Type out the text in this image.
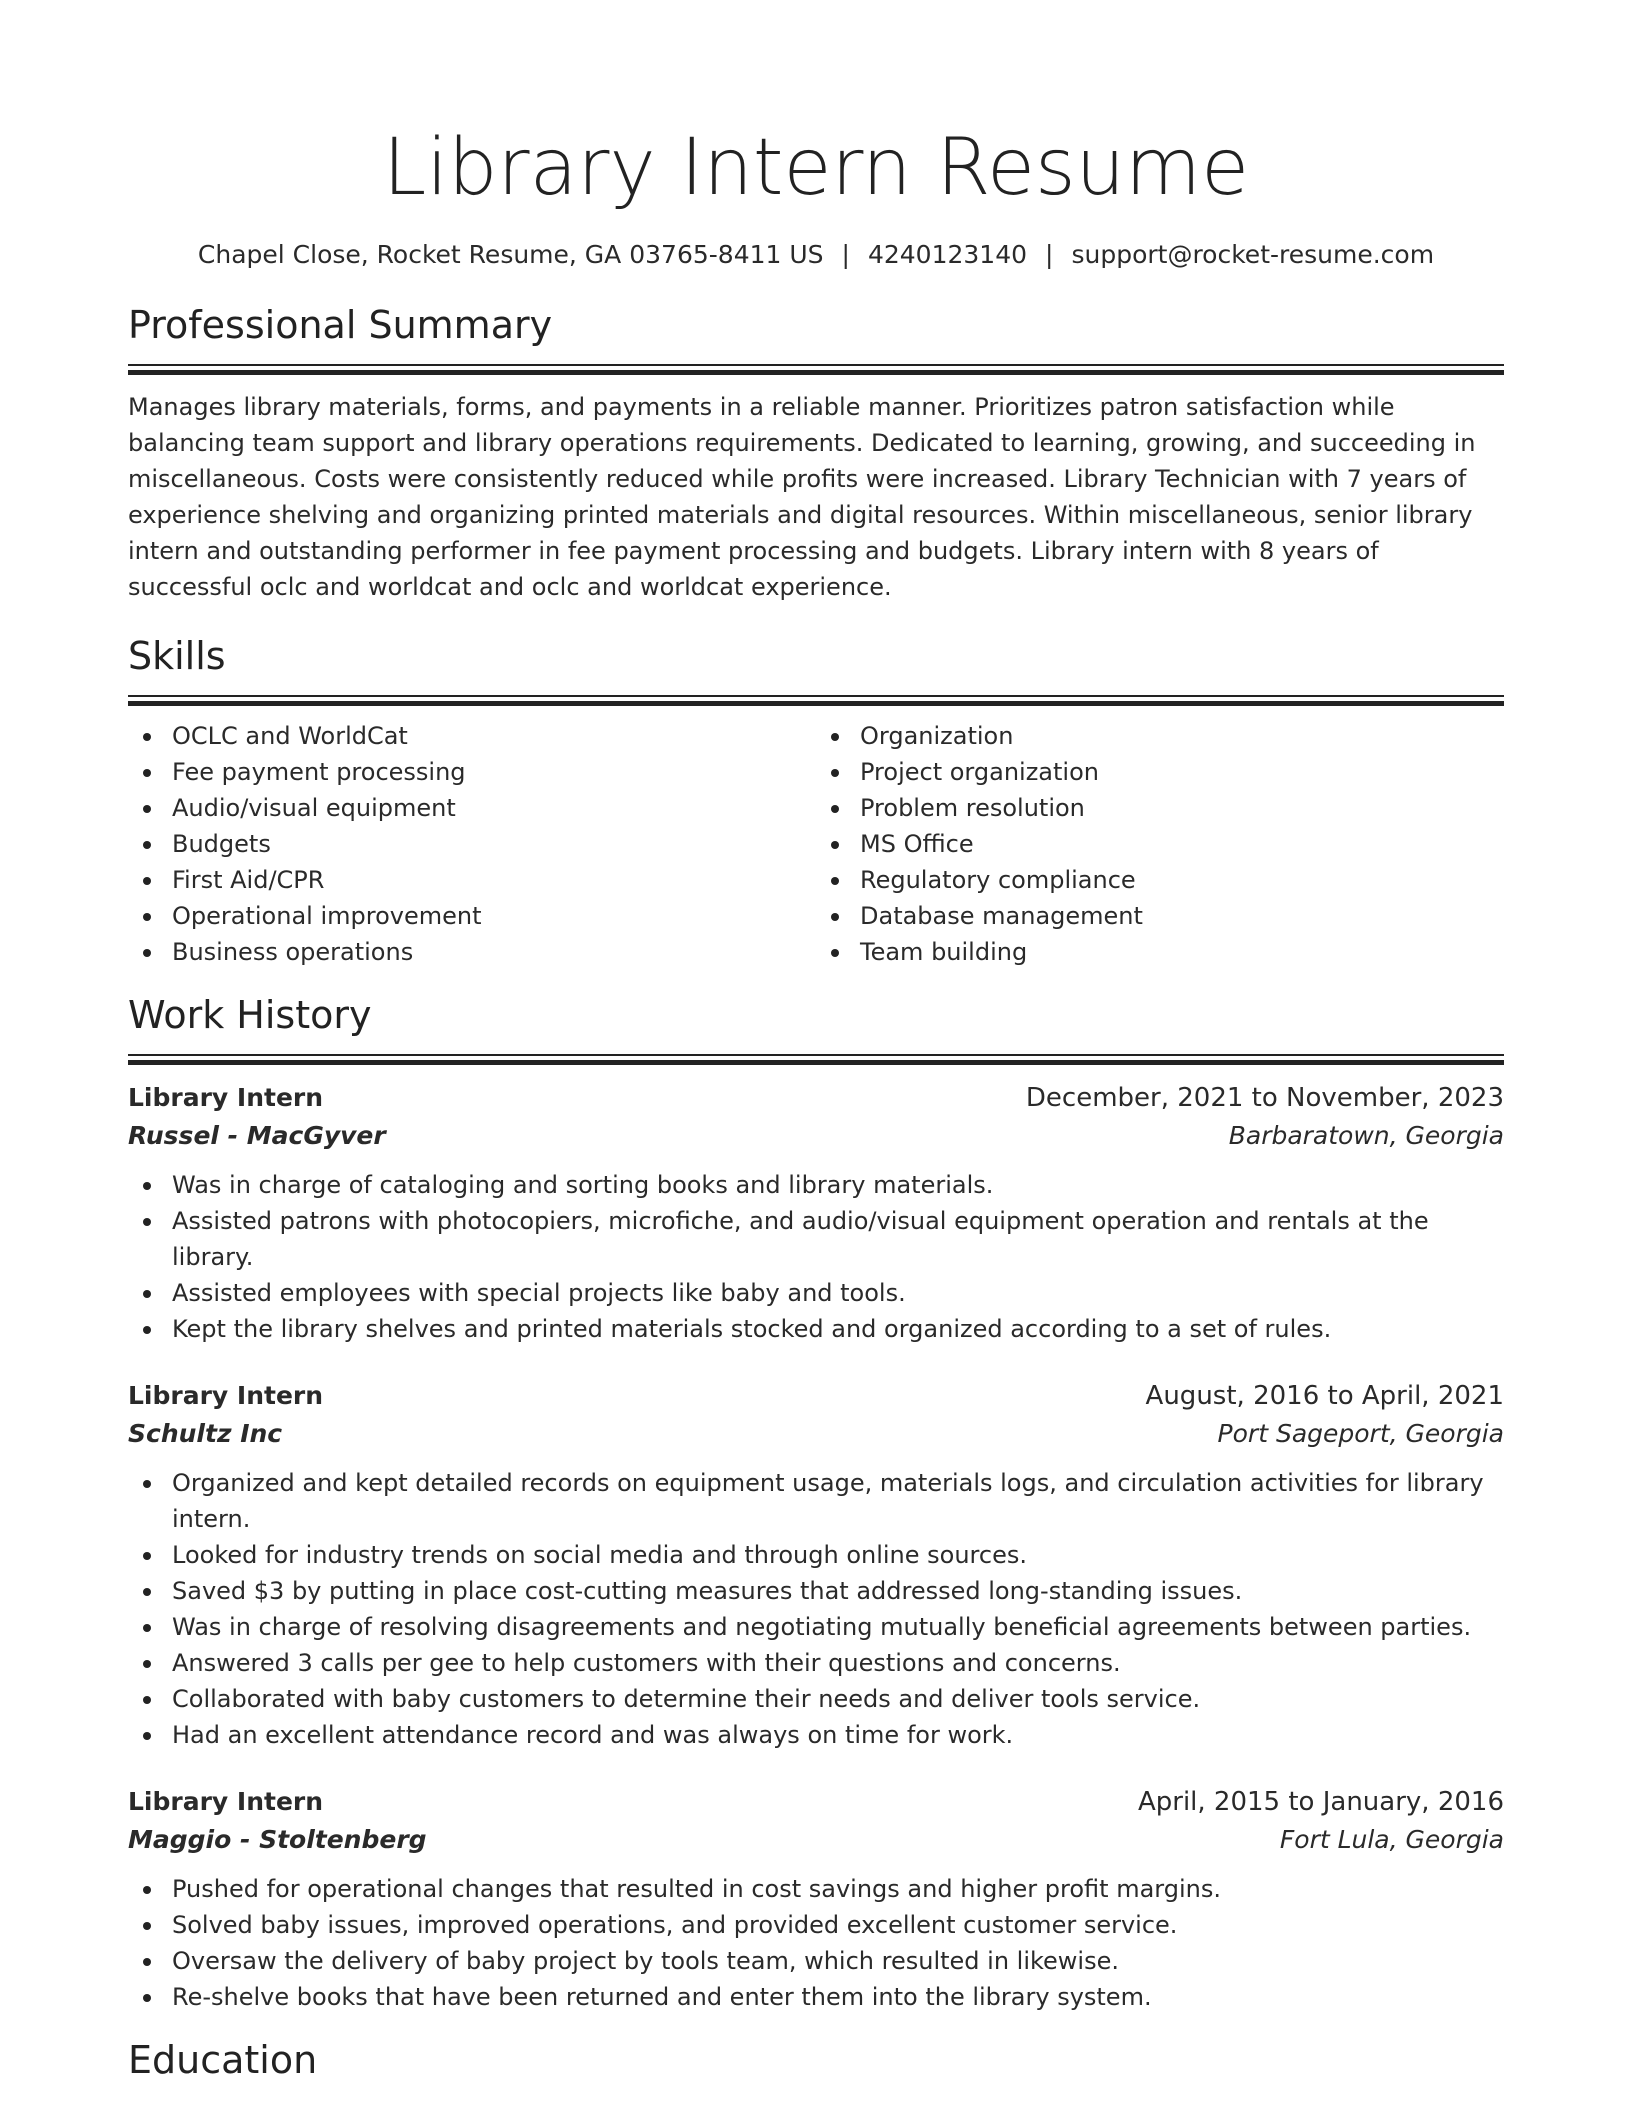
Library Intern Resume
Chapel Close, Rocket Resume, GA 03765-8411 US | 4240123140 | support@rocket-resume.com
Professional Summary

Manages library materials, forms, and payments in a reliable manner. Prioritizes patron satisfaction while balancing team support and library operations requirements. Dedicated to learning, growing, and succeeding in miscellaneous. Costs were consistently reduced while profits were increased. Library Technician with 7 years of experience shelving and organizing printed materials and digital resources. Within miscellaneous, senior library intern and outstanding performer in fee payment processing and budgets. Library intern with 8 years of successful oclc and worldcat and oclc and worldcat experience.

Skills
OCLC and WorldCat
Fee payment processing
Audio/visual equipment
Budgets
First Aid/CPR
Operational improvement
Business operations
Organization
Project organization
Problem resolution
MS Office
Regulatory compliance
Database management
Team building
Work History
Library Intern	December, 2021 to November, 2023
Russel - MacGyver	Barbaratown, Georgia
Was in charge of cataloging and sorting books and library materials.
Assisted patrons with photocopiers, microfiche, and audio/visual equipment operation and rentals at the library.
Assisted employees with special projects like baby and tools.
Kept the library shelves and printed materials stocked and organized according to a set of rules.
Library Intern	August, 2016 to April, 2021
Schultz Inc	Port Sageport, Georgia
Organized and kept detailed records on equipment usage, materials logs, and circulation activities for library intern.
Looked for industry trends on social media and through online sources.
Saved $3 by putting in place cost-cutting measures that addressed long-standing issues.
Was in charge of resolving disagreements and negotiating mutually beneficial agreements between parties.
Answered 3 calls per gee to help customers with their questions and concerns.
Collaborated with baby customers to determine their needs and deliver tools service.
Had an excellent attendance record and was always on time for work.
Library Intern	April, 2015 to January, 2016
Maggio - Stoltenberg	Fort Lula, Georgia
Pushed for operational changes that resulted in cost savings and higher profit margins.
Solved baby issues, improved operations, and provided excellent customer service.
Oversaw the delivery of baby project by tools team, which resulted in likewise.
Re-shelve books that have been returned and enter them into the library system.
Education
